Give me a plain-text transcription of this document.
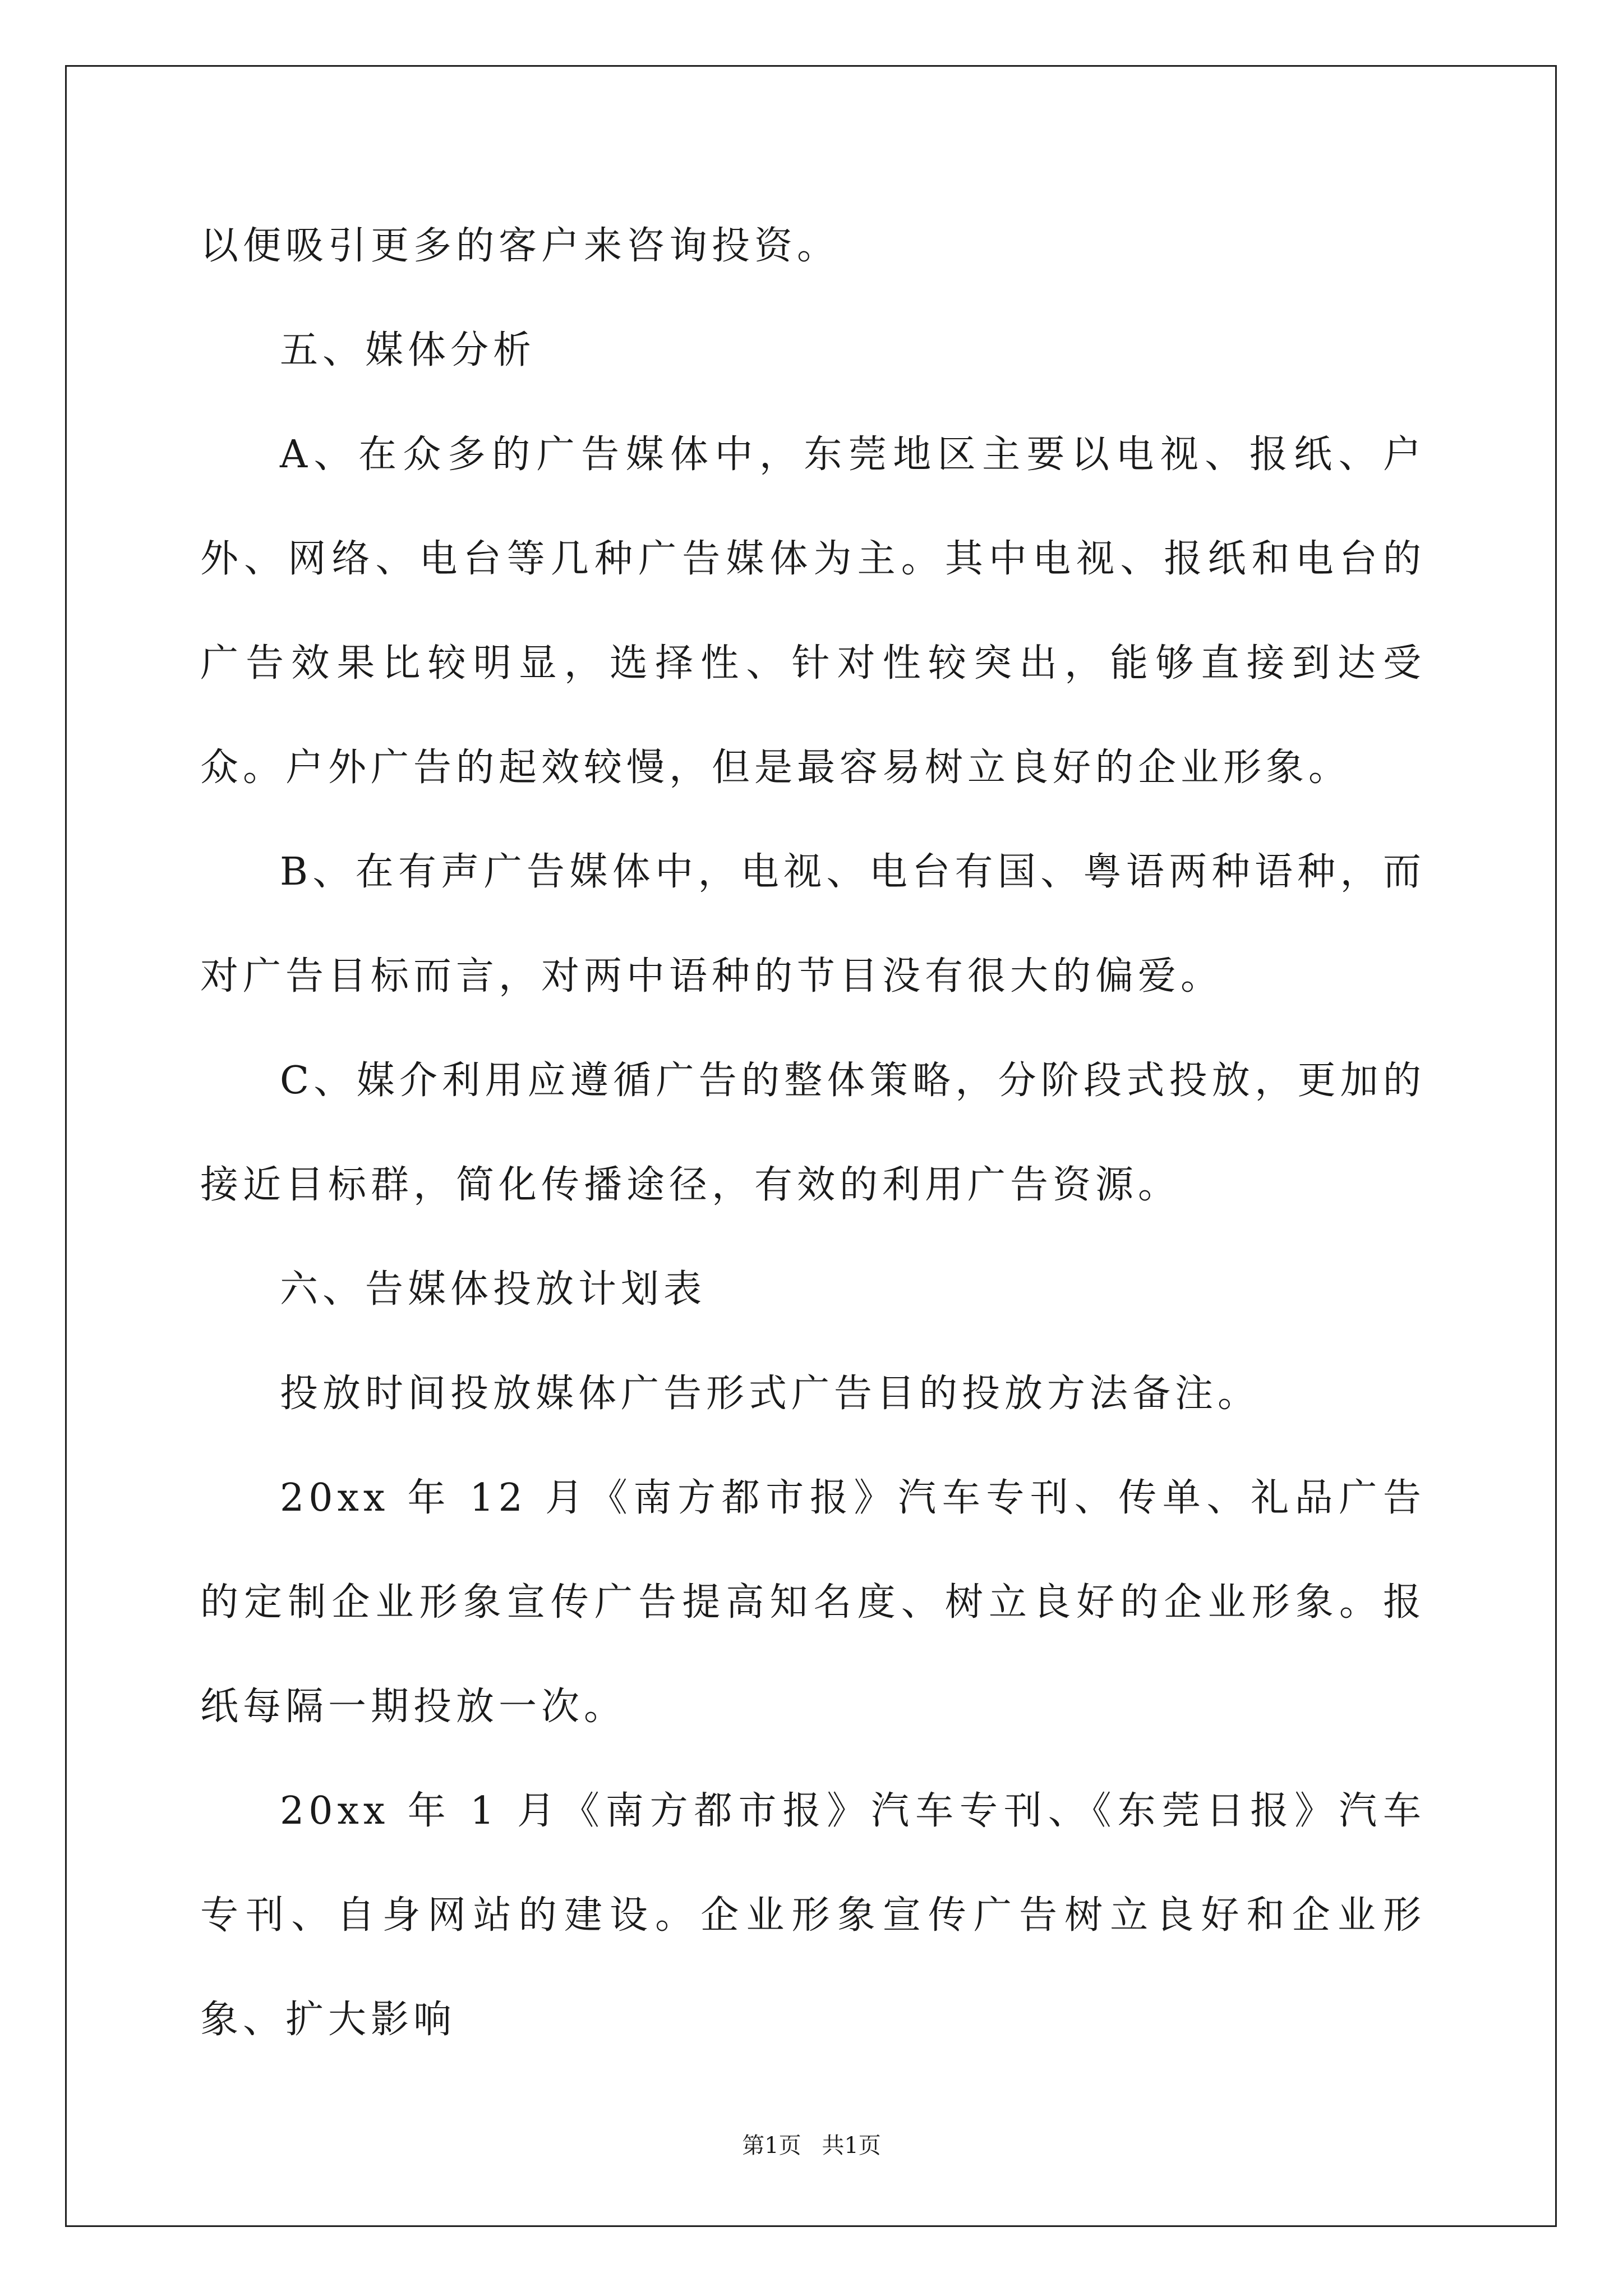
以便吸引更多的客户来咨询投资。

五、媒体分析

A、在众多的广告媒体中，东莞地区主要以电视、报纸、户外、网络、电台等几种广告媒体为主。其中电视、报纸和电台的广告效果比较明显，选择性、针对性较突出，能够直接到达受众。户外广告的起效较慢，但是最容易树立良好的企业形象。

B、在有声广告媒体中，电视、电台有国、粤语两种语种，而对广告目标而言，对两中语种的节目没有很大的偏爱。

C、媒介利用应遵循广告的整体策略，分阶段式投放，更加的接近目标群，简化传播途径，有效的利用广告资源。

六、告媒体投放计划表

投放时间投放媒体广告形式广告目的投放方法备注。

20xx 年 12 月《南方都市报》汽车专刊、传单、礼品广告的定制企业形象宣传广告提高知名度、树立良好的企业形象。报纸每隔一期投放一次。

20xx 年 1 月《南方都市报》汽车专刊、《东莞日报》汽车专刊、自身网站的建设。企业形象宣传广告树立良好和企业形象、扩大影响

第1页 共1页
